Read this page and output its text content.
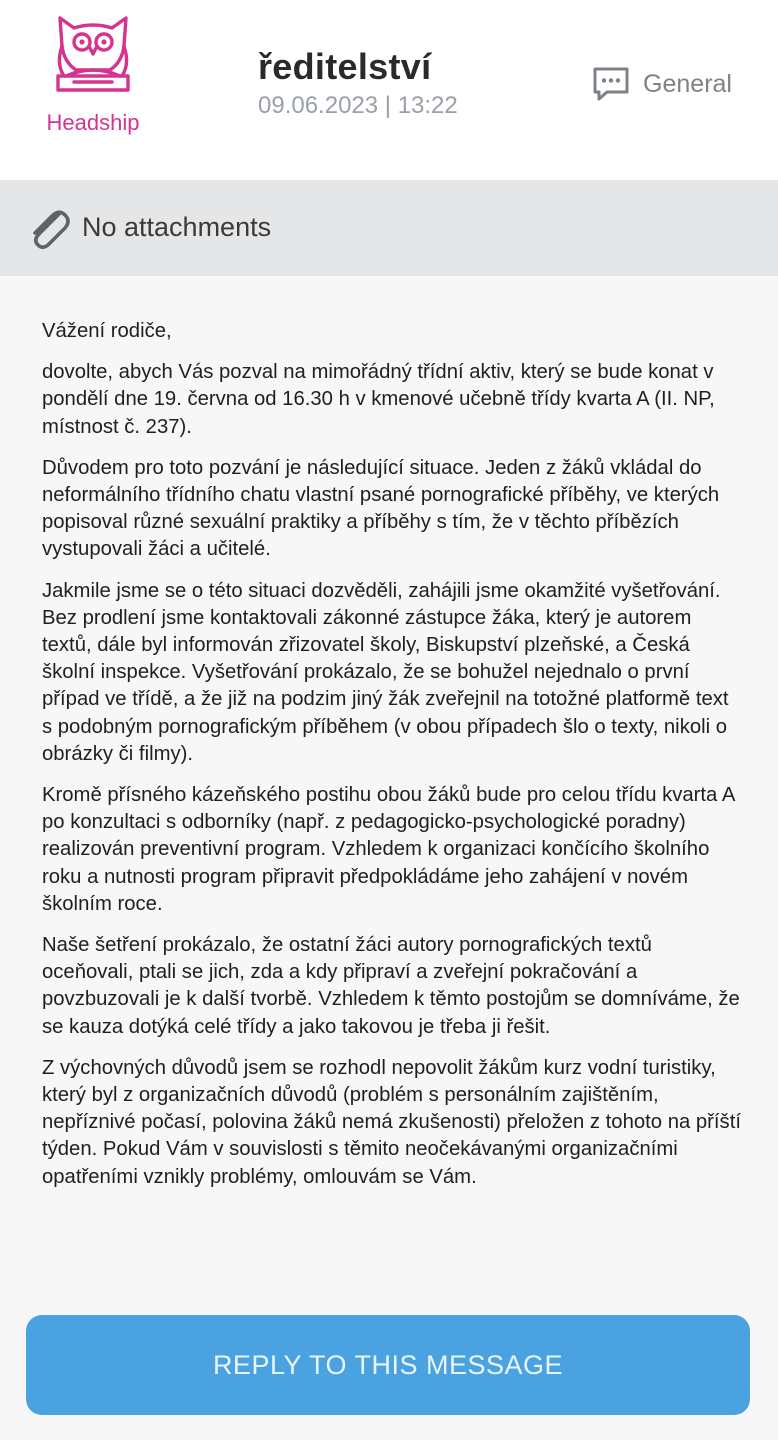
Headship
ředitelství
09.06.2023 | 13:22
General
No attachments

Vážení rodiče,

dovolte, abych Vás pozval na mimořádný třídní aktiv, který se bude konat v pondělí dne 19. června od 16.30 h v kmenové učebně třídy kvarta A (II. NP, místnost č. 237).

Důvodem pro toto pozvání je následující situace. Jeden z žáků vkládal do neformálního třídního chatu vlastní psané pornografické příběhy, ve kterých popisoval různé sexuální praktiky a příběhy s tím, že v těchto příbězích vystupovali žáci a učitelé.

Jakmile jsme se o této situaci dozvěděli, zahájili jsme okamžité vyšetřování. Bez prodlení jsme kontaktovali zákonné zástupce žáka, který je autorem textů, dále byl informován zřizovatel školy, Biskupství plzeňské, a Česká školní inspekce. Vyšetřování prokázalo, že se bohužel nejednalo o první případ ve třídě, a že již na podzim jiný žák zveřejnil na totožné platformě text s podobným pornografickým příběhem (v obou případech šlo o texty, nikoli o obrázky či filmy).

Kromě přísného kázeňského postihu obou žáků bude pro celou třídu kvarta A po konzultaci s odborníky (např. z pedagogicko-psychologické poradny) realizován preventivní program. Vzhledem k organizaci končícího školního roku a nutnosti program připravit předpokládáme jeho zahájení v novém školním roce.

Naše šetření prokázalo, že ostatní žáci autory pornografických textů oceňovali, ptali se jich, zda a kdy připraví a zveřejní pokračování a povzbuzovali je k další tvorbě. Vzhledem k těmto postojům se domníváme, že se kauza dotýká celé třídy a jako takovou je třeba ji řešit.

Z výchovných důvodů jsem se rozhodl nepovolit žákům kurz vodní turistiky, který byl z organizačních důvodů (problém s personálním zajištěním, nepříznivé počasí, polovina žáků nemá zkušenosti) přeložen z tohoto na příští týden. Pokud Vám v souvislosti s těmito neočekávanými organizačními opatřeními vznikly problémy, omlouvám se Vám.

REPLY TO THIS MESSAGE
